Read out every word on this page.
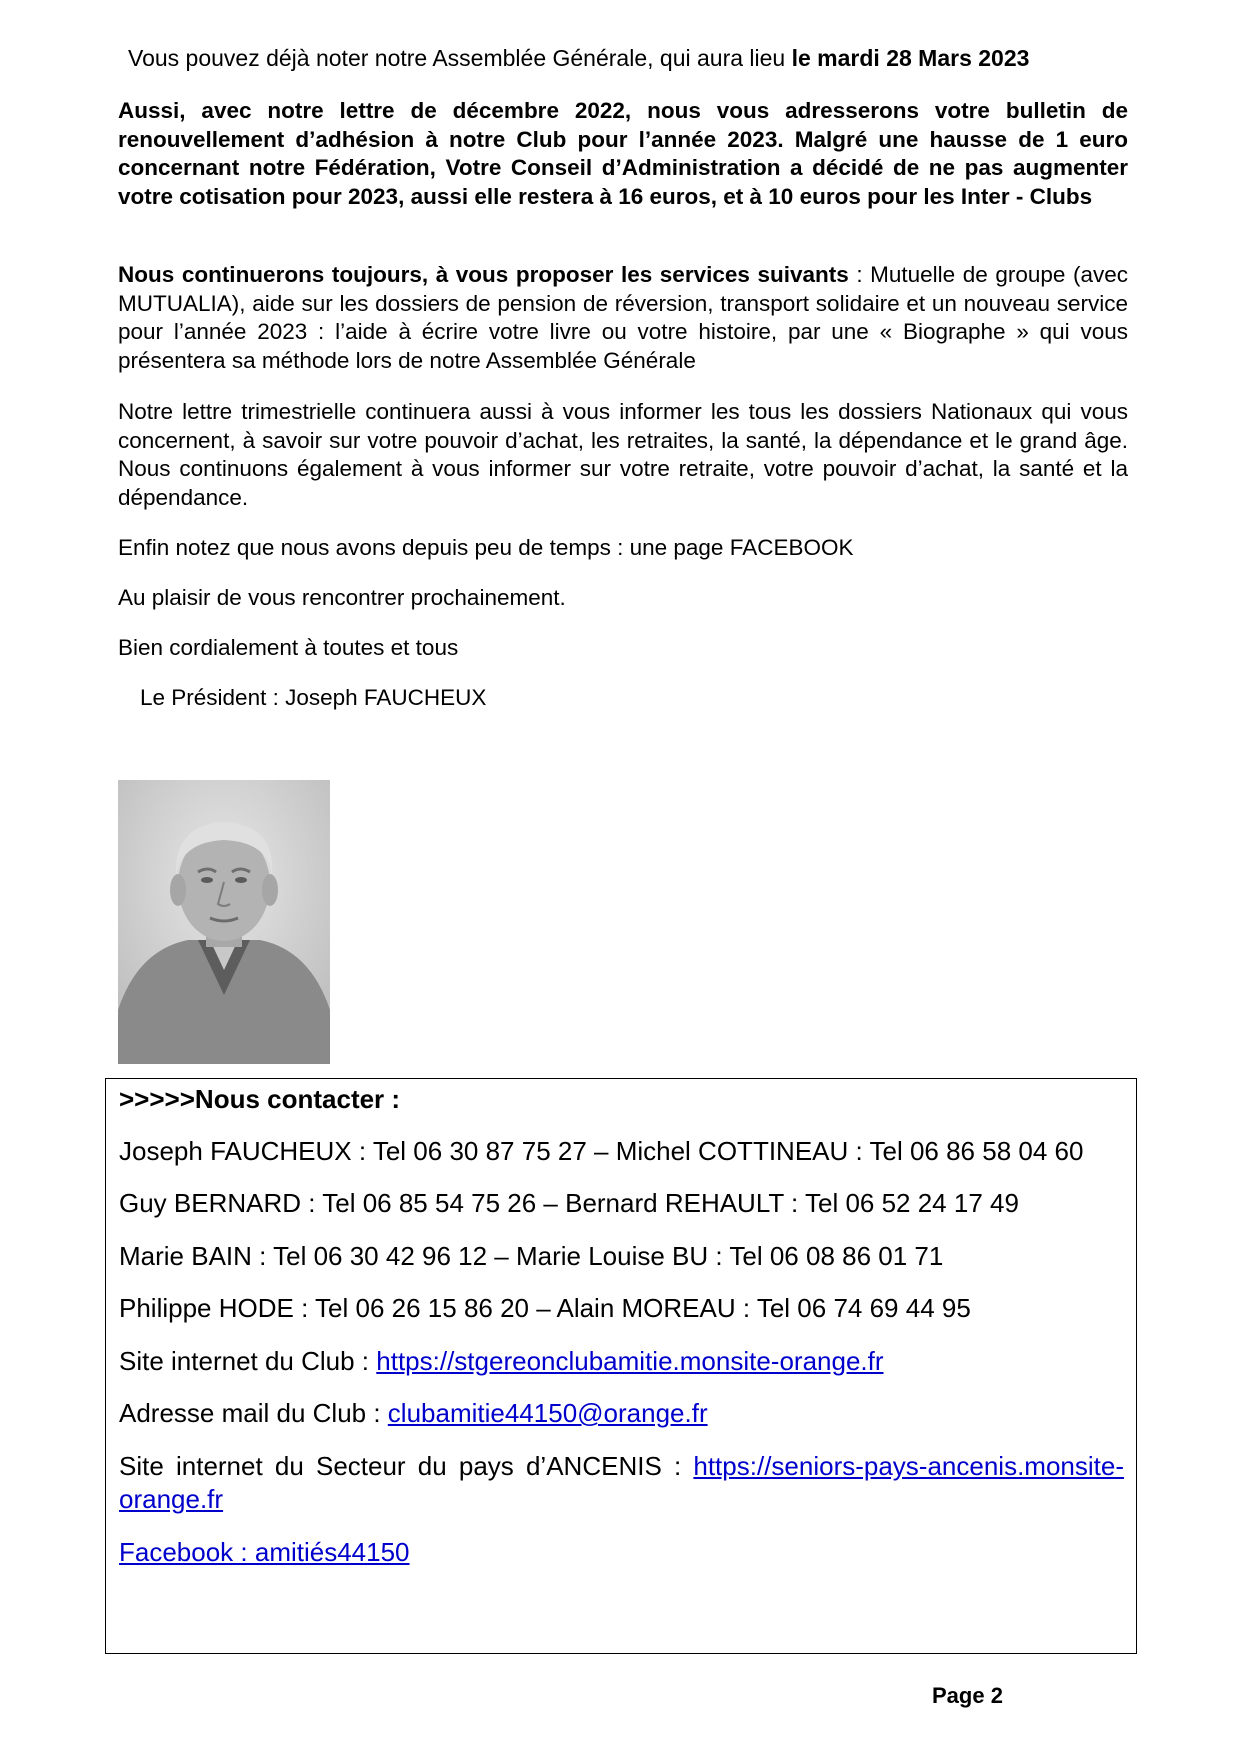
Vous pouvez déjà noter notre Assemblée Générale, qui aura lieu le mardi 28 Mars 2023

Aussi, avec notre lettre de décembre 2022, nous vous adresserons votre bulletin de renouvellement d’adhésion à notre Club pour l’année 2023. Malgré une hausse de 1 euro concernant notre Fédération, Votre Conseil d’Administration a décidé de ne pas augmenter votre cotisation pour 2023, aussi elle restera à 16 euros, et à 10 euros pour les Inter - Clubs

Nous continuerons toujours, à vous proposer les services suivants : Mutuelle de groupe (avec MUTUALIA), aide sur les dossiers de pension de réversion, transport solidaire et un nouveau service pour l’année 2023 : l’aide à écrire votre livre ou votre histoire, par une « Biographe » qui vous présentera sa méthode lors de notre Assemblée Générale

Notre lettre trimestrielle continuera aussi à vous informer les tous les dossiers Nationaux qui vous concernent, à savoir sur votre pouvoir d’achat, les retraites, la santé, la dépendance et le grand âge. Nous continuons également à vous informer sur votre retraite, votre pouvoir d’achat, la santé et la dépendance.

Enfin notez que nous avons depuis peu de temps : une page FACEBOOK
Au plaisir de vous rencontrer prochainement.
Bien cordialement à toutes et tous
Le Président : Joseph FAUCHEUX
>>>>>Nous contacter :
Joseph FAUCHEUX : Tel 06 30 87 75 27 – Michel COTTINEAU : Tel 06 86 58 04 60
Guy BERNARD : Tel 06 85 54 75 26 – Bernard REHAULT : Tel 06 52 24 17 49
Marie BAIN : Tel 06 30 42 96 12 – Marie Louise BU : Tel 06 08 86 01 71
Philippe HODE : Tel 06 26 15 86 20 – Alain MOREAU : Tel 06 74 69 44 95
Site internet du Club : https://stgereonclubamitie.monsite-orange.fr
Adresse mail du Club : clubamitie44150@orange.fr
Site internet du Secteur du pays d’ANCENIS : https://seniors-pays-ancenis.monsite-orange.fr
Facebook : amitiés44150
Page 2
